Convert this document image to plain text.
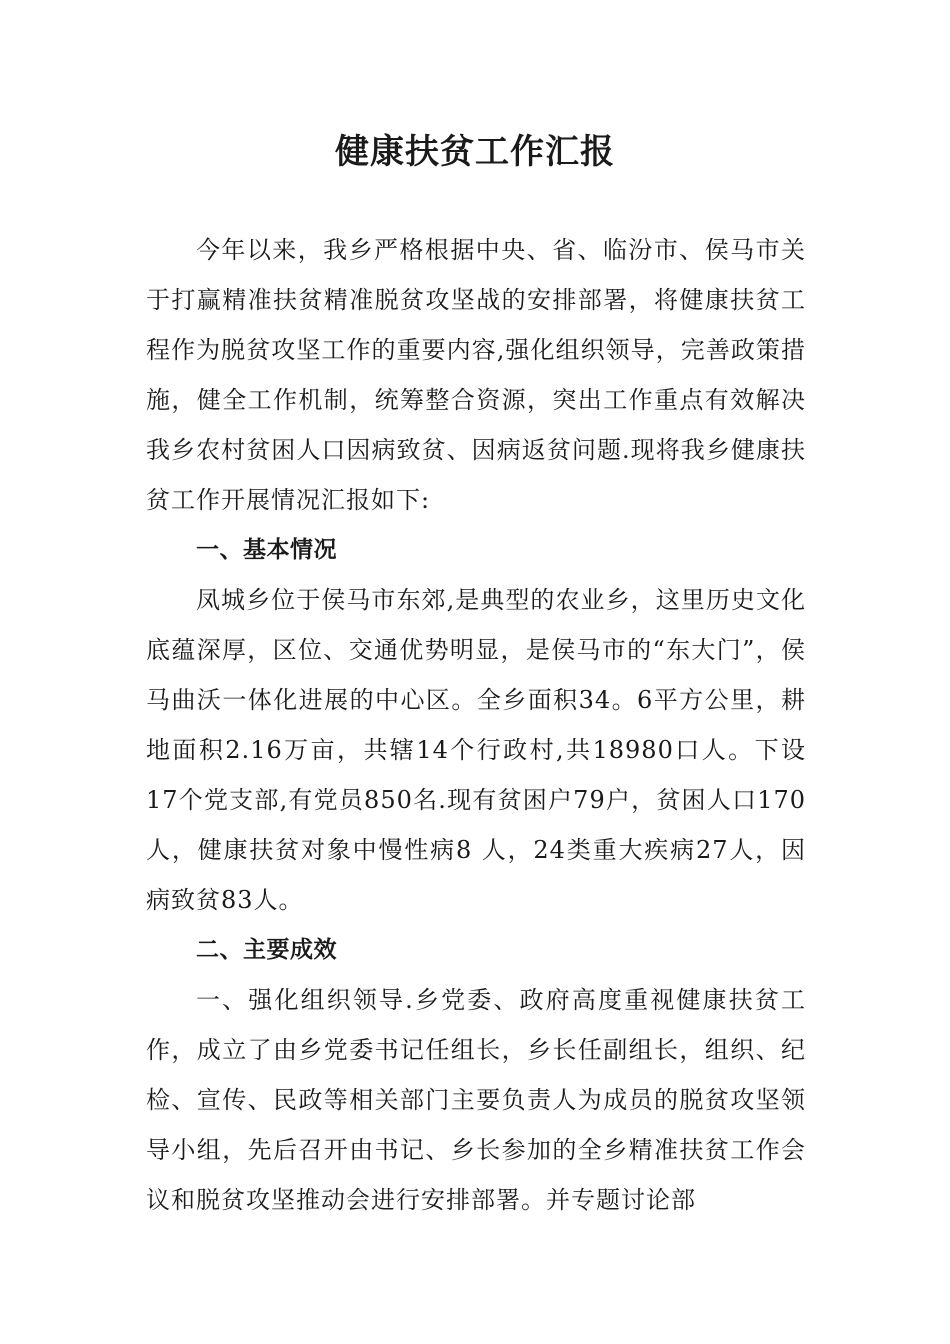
健康扶贫工作汇报

今年以来，我乡严格根据中央、省、临汾市、侯马市关于打赢精准扶贫精准脱贫攻坚战的安排部署，将健康扶贫工程作为脱贫攻坚工作的重要内容,强化组织领导，完善政策措施，健全工作机制，统筹整合资源，突出工作重点有效解决我乡农村贫困人口因病致贫、因病返贫问题.现将我乡健康扶贫工作开展情况汇报如下:

一、基本情况

凤城乡位于侯马市东郊,是典型的农业乡，这里历史文化底蕴深厚，区位、交通优势明显，是侯马市的“东大门”，侯马曲沃一体化进展的中心区。全乡面积34。6平方公里，耕地面积2.16万亩，共辖14个行政村,共18980口人。下设17个党支部,有党员850名.现有贫困户79户，贫困人口170人，健康扶贫对象中慢性病8 人，24类重大疾病27人，因病致贫83人。

二、主要成效

一、强化组织领导.乡党委、政府高度重视健康扶贫工作，成立了由乡党委书记任组长，乡长任副组长，组织、纪检、宣传、民政等相关部门主要负责人为成员的脱贫攻坚领导小组，先后召开由书记、乡长参加的全乡精准扶贫工作会议和脱贫攻坚推动会进行安排部署。并专题讨论部
